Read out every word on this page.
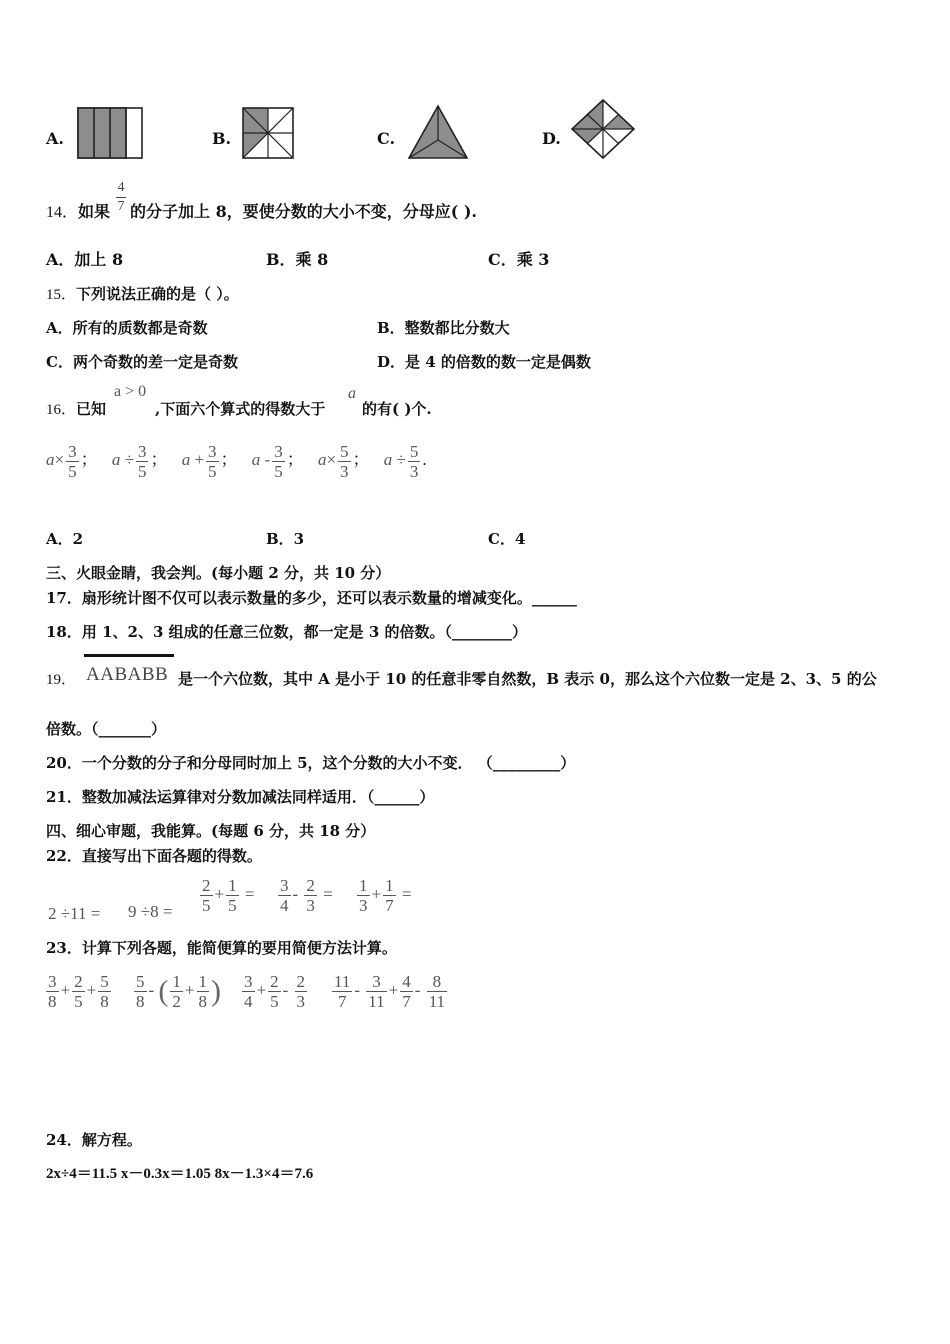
A.	B.	C.	D.
14．如果
4
7 的分子加上 8，要使分数的大小不变，分母应( ).
A．加上 8	B．乘 8	C．乘 3
15．下列说法正确的是（ ）。
A．所有的质数都是奇数	B．整数都比分数大
C．两个奇数的差一定是奇数	D．是 4 的倍数的数一定是偶数
16．已知
a > 0
,下面六个算式的得数大于
a
的有( )个.
$a\times \frac{3}{5}$ ； $a \div \frac{3}{5}$ ； $a + \frac{3}{5}$ ； a - $\frac{3}{5}$ ； $a\times \frac{5}{3}$ ； $a \div \frac{5}{3}$ .
A．2	B．3	C．4
三、火眼金睛，我会判。(每小题 2 分，共 10 分）
17．扇形统计图不仅可以表示数量的多少，还可以表示数量的增减变化。______
18．用 1、2、3 组成的任意三位数，都一定是 3 的倍数。（________）
19． AABABB 是一个六位数，其中 A 是小于 10 的任意非零自然数，B 表示 0，那么这个六位数一定是 2、3、5 的公
倍数。（_______）
20．一个分数的分子和分母同时加上 5，这个分数的大小不变． （_________）
21．整数加减法运算律对分数加减法同样适用．（______）
四、细心审题，我能算。(每题 6 分，共 18 分）
22．直接写出下面各题的得数。
$2 \div 11 = 9 \div 8 = \frac{2}{5} + \frac{1}{5} = \frac{3}{4} - \frac{2}{3} = \frac{1}{3} + \frac{1}{7}$ =
23．计算下列各题，能简便算的要用简便方法计算。
$\frac{3}{8} + \frac{2}{5} + \frac{5}{8} \frac{5}{8}$ - ( $\frac{1}{2} + \frac{1}{8}$ ) $\frac{3}{4} + \frac{2}{5} - \frac{2}{3} \frac{11}{7} - \frac{3}{11} + \frac{4}{7} - \frac{8}{11}$
24．解方程。
2x÷4＝11.5 x－0.3x＝1.05 8x－1.3×4＝7.6
